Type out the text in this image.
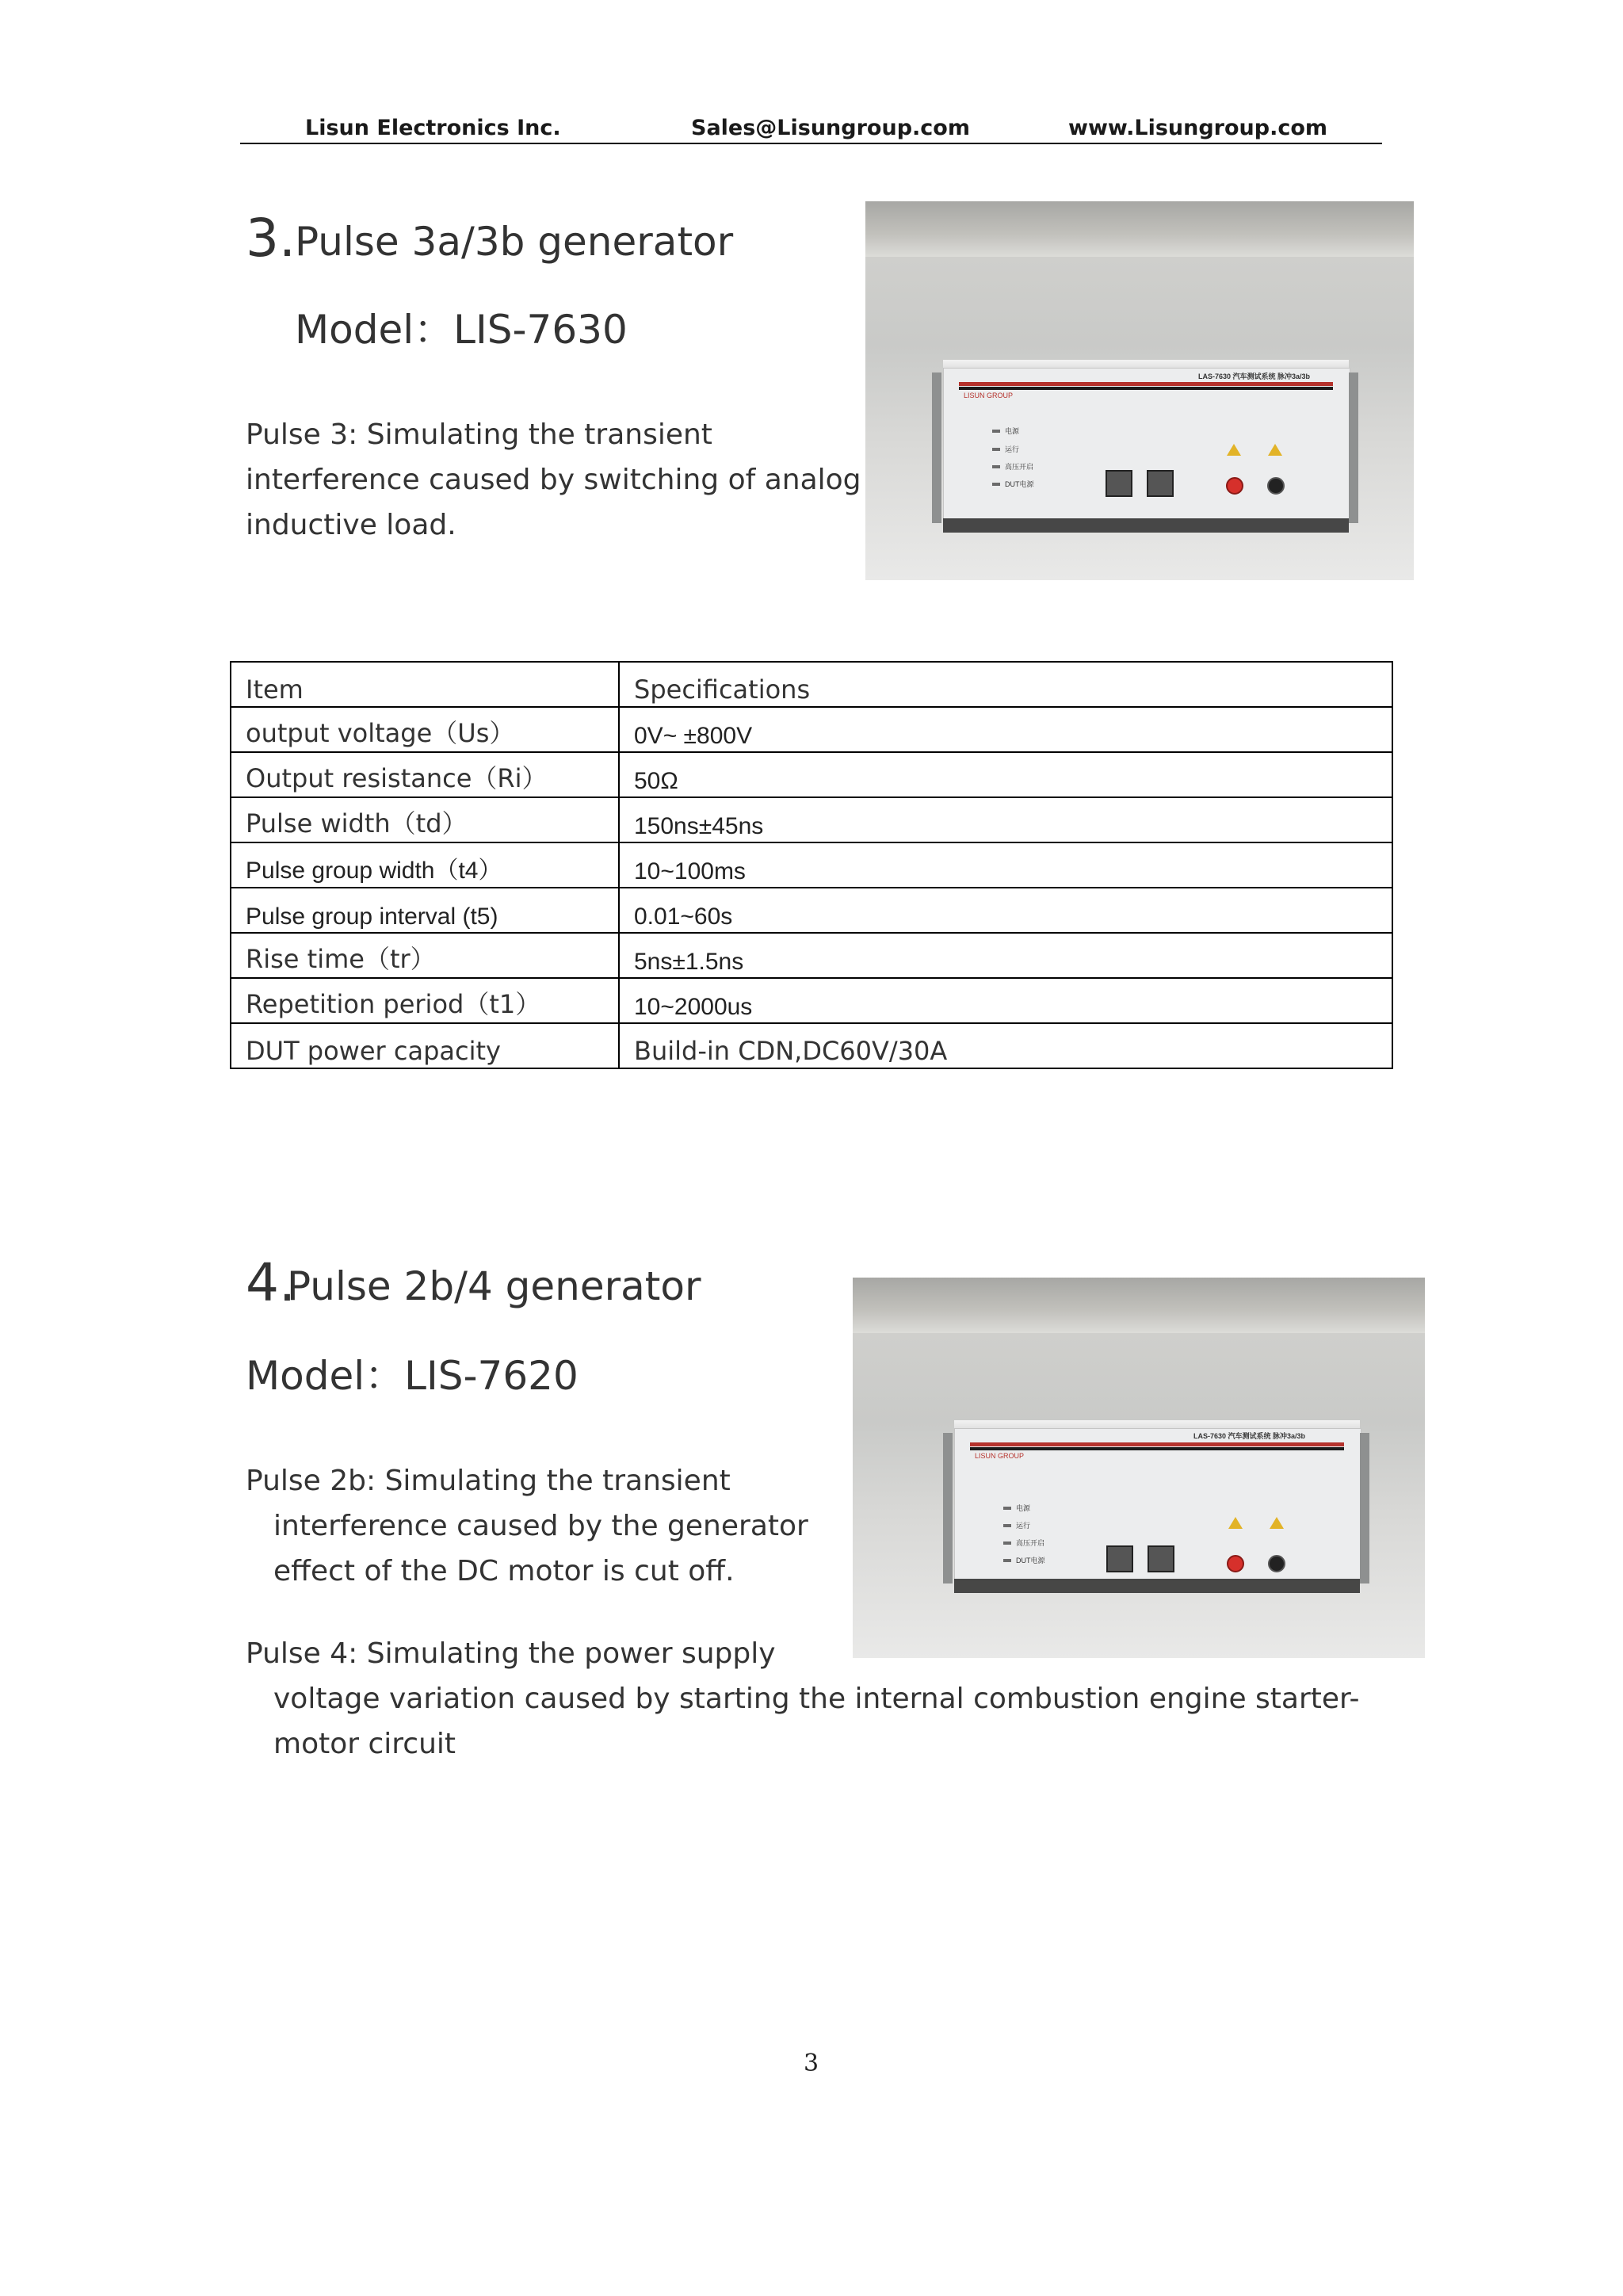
Lisun Electronics Inc.	Sales@Lisungroup.com	www.Lisungroup.com
3. Pulse 3a/3b generator
Model：LIS-7630
Pulse 3: Simulating the transient
interference caused by switching of analog
inductive load.
LAS-7630 汽车测试系统 脉冲3a/3b
LISUN GROUP
电源
运行
高压开启
DUT电源
Item	Specifications
output voltage（Us）	0V~ ±800V
Output resistance（Ri）	50Ω
Pulse width（td）	150ns±45ns
Pulse group width（t4）	10~100ms
Pulse group interval (t5)	0.01~60s
Rise time（tr）	5ns±1.5ns
Repetition period（t1）	10~2000us
DUT power capacity	Build-in CDN,DC60V/30A
4.
Pulse 2b/4 generator
Model：LIS-7620
Pulse 2b: Simulating the transient
interference caused by the generator
effect of the DC motor is cut off.
Pulse 4: Simulating the power supply
voltage variation caused by starting the internal combustion engine starter-
motor circuit
LAS-7630 汽车测试系统 脉冲3a/3b
LISUN GROUP
电源
运行
高压开启
DUT电源
3
